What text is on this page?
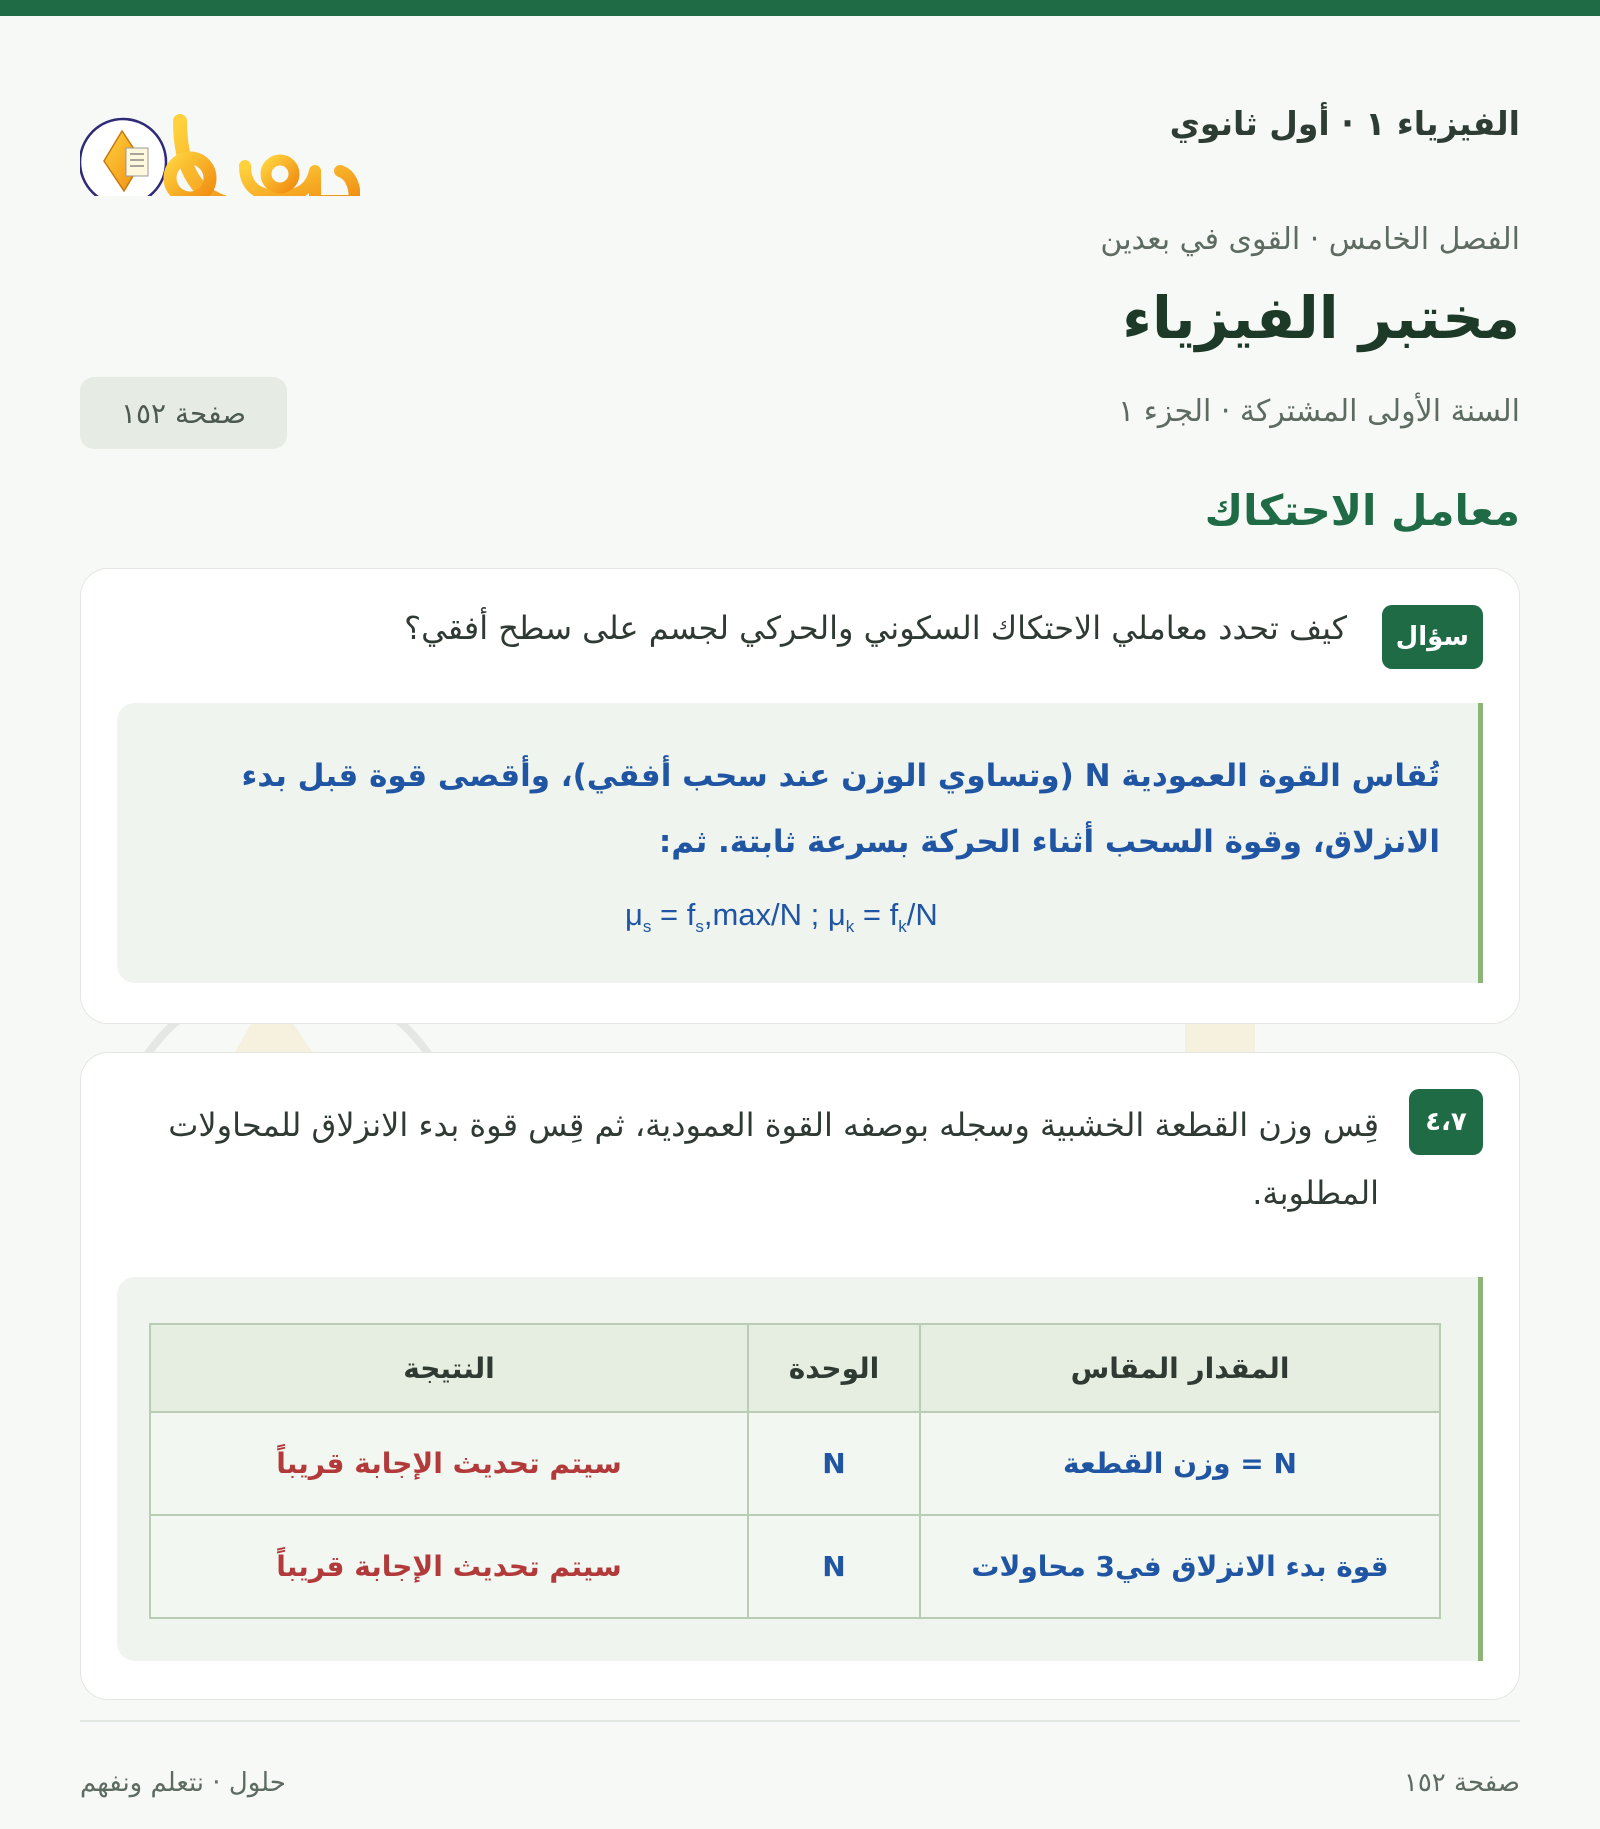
الفيزياء ١ · أول ثانوي
الفصل الخامس · القوى في بعدين
مختبر الفيزياء
السنة الأولى المشتركة · الجزء ١
صفحة ١٥٢
معامل الاحتكاك
سؤال
كيف تحدد معاملي الاحتكاك السكوني والحركي لجسم على سطح أفقي؟
تُقاس القوة العمودية N (وتساوي الوزن عند سحب أفقي)، وأقصى قوة قبل بدء الانزلاق، وقوة السحب أثناء الحركة بسرعة ثابتة. ثم:
$\mu_s = f_s,\max/N$ ; $\mu_k = f_k/N$
٤،٧
قِس وزن القطعة الخشبية وسجله بوصفه القوة العمودية، ثم قِس قوة بدء الانزلاق للمحاولات المطلوبة.
المقدار المقاس	الوحدة	النتيجة
N = وزن القطعة	N	سيتم تحديث الإجابة قريباً
قوة بدء الانزلاق في3 محاولات	N	سيتم تحديث الإجابة قريباً
صفحة ١٥٢
حلول · نتعلم ونفهم
